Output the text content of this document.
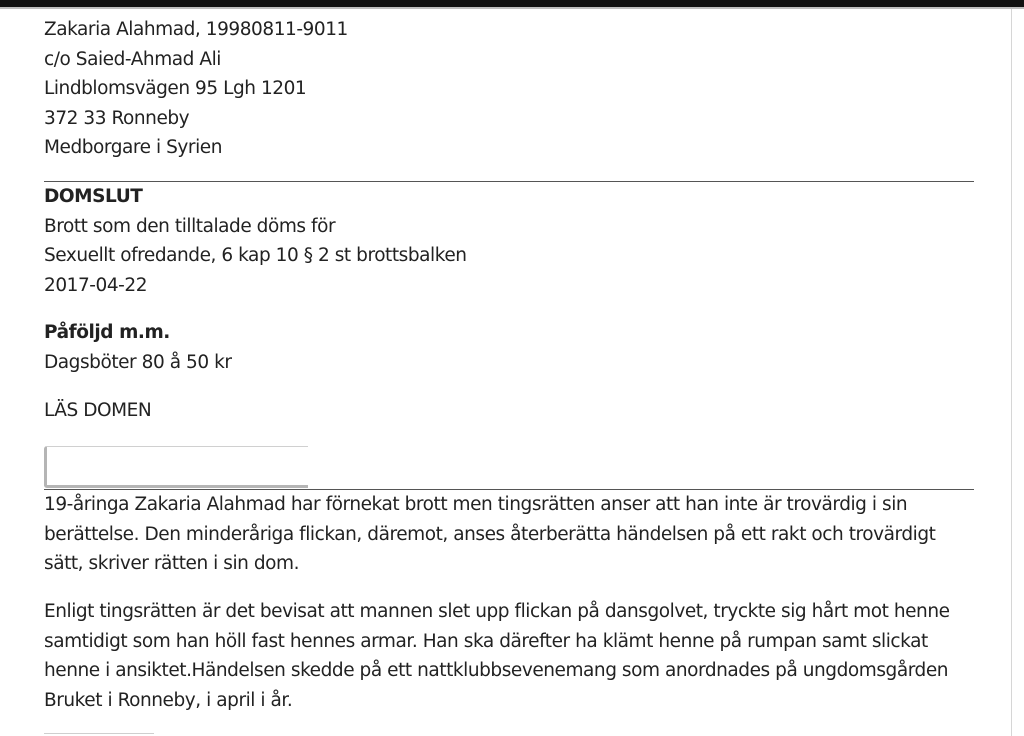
Zakaria Alahmad, 19980811-9011
c/o Saied-Ahmad Ali
Lindblomsvägen 95 Lgh 1201
372 33 Ronneby
Medborgare i Syrien
DOMSLUT
Brott som den tilltalade döms för
Sexuellt ofredande, 6 kap 10 § 2 st brottsbalken
2017-04-22
Påföljd m.m.
Dagsböter 80 å 50 kr
LÄS DOMEN
19-åringa Zakaria Alahmad har förnekat brott men tingsrätten anser att han inte är trovärdig i sin berättelse. Den minderåriga flickan, däremot, anses återberätta händelsen på ett rakt och trovärdigt sätt, skriver rätten i sin dom.
Enligt tingsrätten är det bevisat att mannen slet upp flickan på dansgolvet, tryckte sig hårt mot henne samtidigt som han höll fast hennes armar. Han ska därefter ha klämt henne på rumpan samt slickat henne i ansiktet.Händelsen skedde på ett nattklubbsevenemang som anordnades på ungdomsgården Bruket i Ronneby, i april i år.
